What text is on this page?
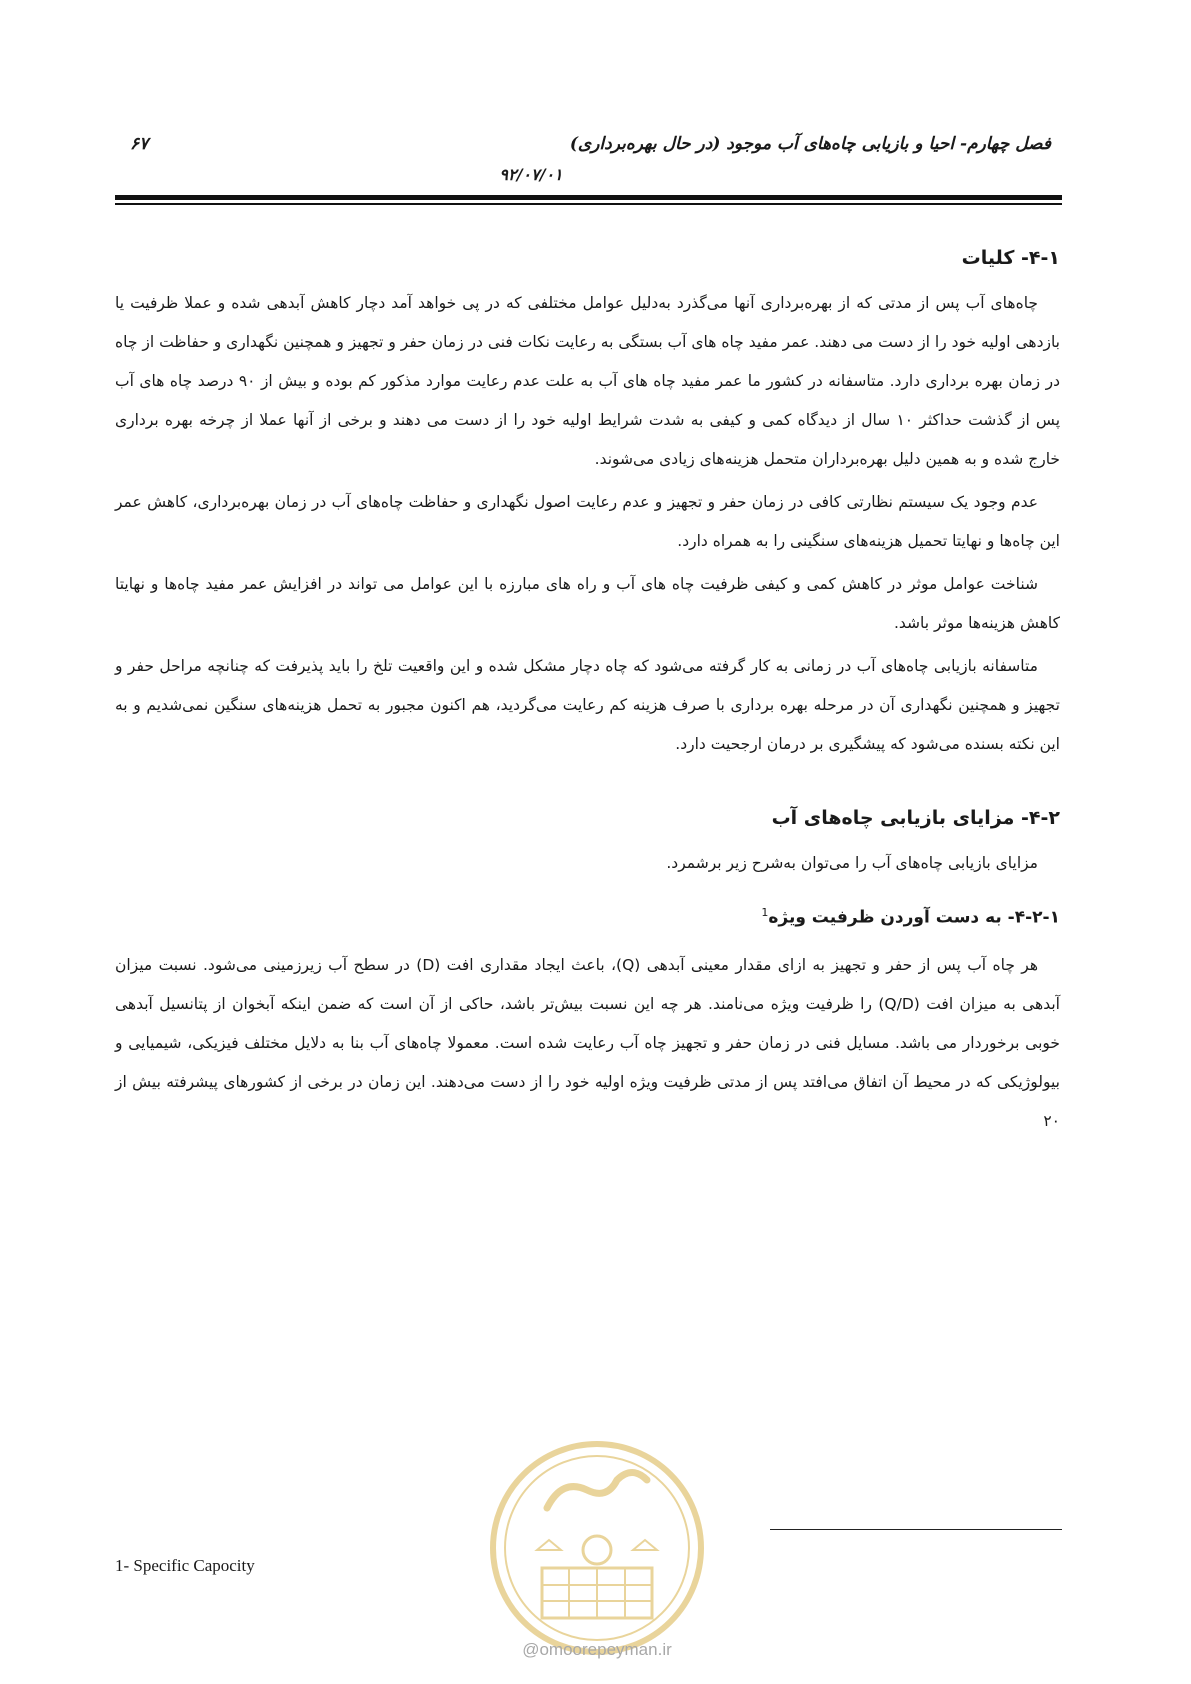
فصل چهارم- احیا و بازیابی چاه‌های آب موجود (در حال بهره‌برداری)
۹۲/۰۷/۰۱
۶۷
۴-۱- کلیات

چاه‌های آب پس از مدتی که از بهره‌برداری آنها می‌گذرد به‌دلیل عوامل مختلفی که در پی خواهد آمد دچار کاهش آبدهی شده و عملا ظرفیت یا بازدهی اولیه خود را از دست می دهند. عمر مفید چاه های آب بستگی به رعایت نکات فنی در زمان حفر و تجهیز و همچنین نگهداری و حفاظت از چاه در زمان بهره برداری دارد. متاسفانه در کشور ما عمر مفید چاه های آب به علت عدم رعایت موارد مذکور کم بوده و بیش از ۹۰ درصد چاه های آب پس از گذشت حداکثر ۱۰ سال از دیدگاه کمی و کیفی به شدت شرایط اولیه خود را از دست می دهند و برخی از آنها عملا از چرخه بهره برداری خارج شده و به همین دلیل بهره‌برداران متحمل هزینه‌های زیادی می‌شوند.

عدم وجود یک سیستم نظارتی کافی در زمان حفر و تجهیز و عدم رعایت اصول نگهداری و حفاظت چاه‌های آب در زمان بهره‌برداری، کاهش عمر این چاه‌ها و نهایتا تحمیل هزینه‌های سنگینی را به همراه دارد.

شناخت عوامل موثر در کاهش کمی و کیفی ظرفیت چاه های آب و راه های مبارزه با این عوامل می تواند در افزایش عمر مفید چاه‌ها و نهایتا کاهش هزینه‌ها موثر باشد.

متاسفانه بازیابی چاه‌های آب در زمانی به کار گرفته می‌شود که چاه دچار مشکل شده و این واقعیت تلخ را باید پذیرفت که چنانچه مراحل حفر و تجهیز و همچنین نگهداری آن در مرحله بهره برداری با صرف هزینه کم رعایت می‌گردید، هم اکنون مجبور به تحمل هزینه‌های سنگین نمی‌شدیم و به این نکته بسنده می‌شود که پیشگیری بر درمان ارجحیت دارد.

۴-۲- مزایای بازیابی چاه‌های آب

مزایای بازیابی چاه‌های آب را می‌توان به‌شرح زیر برشمرد.

۴-۲-۱- به دست آوردن ظرفیت ویژه$^1$

هر چاه آب پس از حفر و تجهیز به ازای مقدار معینی آبدهی (Q)، باعث ایجاد مقداری افت (D) در سطح آب زیرزمینی می‌شود. نسبت میزان آبدهی به میزان افت (Q/D) را ظرفیت ویژه می‌نامند. هر چه این نسبت بیش‌تر باشد، حاکی از آن است که ضمن اینکه آبخوان از پتانسیل آبدهی خوبی برخوردار می باشد. مسایل فنی در زمان حفر و تجهیز چاه آب رعایت شده است. معمولا چاه‌های آب بنا به دلایل مختلف فیزیکی، شیمیایی و بیولوژیکی که در محیط آن اتفاق می‌افتد پس از مدتی ظرفیت ویژه اولیه خود را از دست می‌دهند. این زمان در برخی از کشورهای پیشرفته بیش از ۲۰

1- Specific Capocity
@omoorepeyman.ir
